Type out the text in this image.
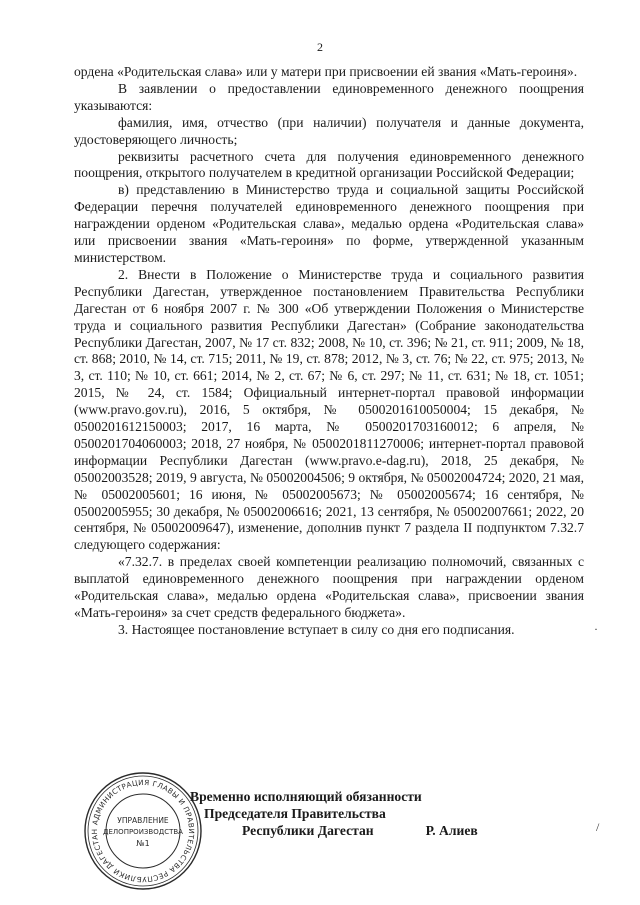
2

ордена «Родительская слава» или у матери при присвоении ей звания «Мать-героиня».

В заявлении о предоставлении единовременного денежного поощрения указываются:

фамилия, имя, отчество (при наличии) получателя и данные документа, удостоверяющего личность;

реквизиты расчетного счета для получения единовременного денежного поощрения, открытого получателем в кредитной организации Российской Федерации;

в) представлению в Министерство труда и социальной защиты Российской Федерации перечня получателей единовременного денежного поощрения при награждении орденом «Родительская слава», медалью ордена «Родительская слава» или присвоении звания «Мать-героиня» по форме, утвержденной указанным министерством.

2. Внести в Положение о Министерстве труда и социального развития Республики Дагестан, утвержденное постановлением Правительства Республики Дагестан от 6 ноября 2007 г. № 300 «Об утверждении Положения о Министерстве труда и социального развития Республики Дагестан» (Собрание законодательства Республики Дагестан, 2007, № 17 ст. 832; 2008, № 10, ст. 396; № 21, ст. 911; 2009, № 18, ст. 868; 2010, № 14, ст. 715; 2011, № 19, ст. 878; 2012, № 3, ст. 76; № 22, ст. 975; 2013, № 3, ст. 110; № 10, ст. 661; 2014, № 2, ст. 67; № 6, ст. 297; № 11, ст. 631; № 18, ст. 1051; 2015, № 24, ст. 1584; Официальный интернет-портал правовой информации (www.pravo.gov.ru), 2016, 5 октября, № 0500201610050004; 15 декабря, № 0500201612150003; 2017, 16 марта, № 0500201703160012; 6 апреля, № 0500201704060003; 2018, 27 ноября, № 0500201811270006; интернет-портал правовой информации Республики Дагестан (www.pravo.e-dag.ru), 2018, 25 декабря, № 05002003528; 2019, 9 августа, № 05002004506; 9 октября, № 05002004724; 2020, 21 мая, № 05002005601; 16 июня, № 05002005673; № 05002005674; 16 сентября, № 05002005955; 30 декабря, № 05002006616; 2021, 13 сентября, № 05002007661; 2022, 20 сентября, № 05002009647), изменение, дополнив пункт 7 раздела II подпунктом 7.32.7 следующего содержания:

«7.32.7. в пределах своей компетенции реализацию полномочий, связанных с выплатой единовременного денежного поощрения при награждении орденом «Родительская слава», медалью ордена «Родительская слава», присвоении звания «Мать-героиня» за счет средств федерального бюджета».

3. Настоящее постановление вступает в силу со дня его подписания.

АДМИНИСТРАЦИЯ ГЛАВЫ И ПРАВИТЕЛЬСТВА РЕСПУБЛИКИ ДАГЕСТАН
УПРАВЛЕНИЕ
ДЕЛОПРОИЗВОДСТВА
№1
Временно исполняющий обязанности
Председателя Правительства
Республики Дагестан	Р. Алиев
·
/
